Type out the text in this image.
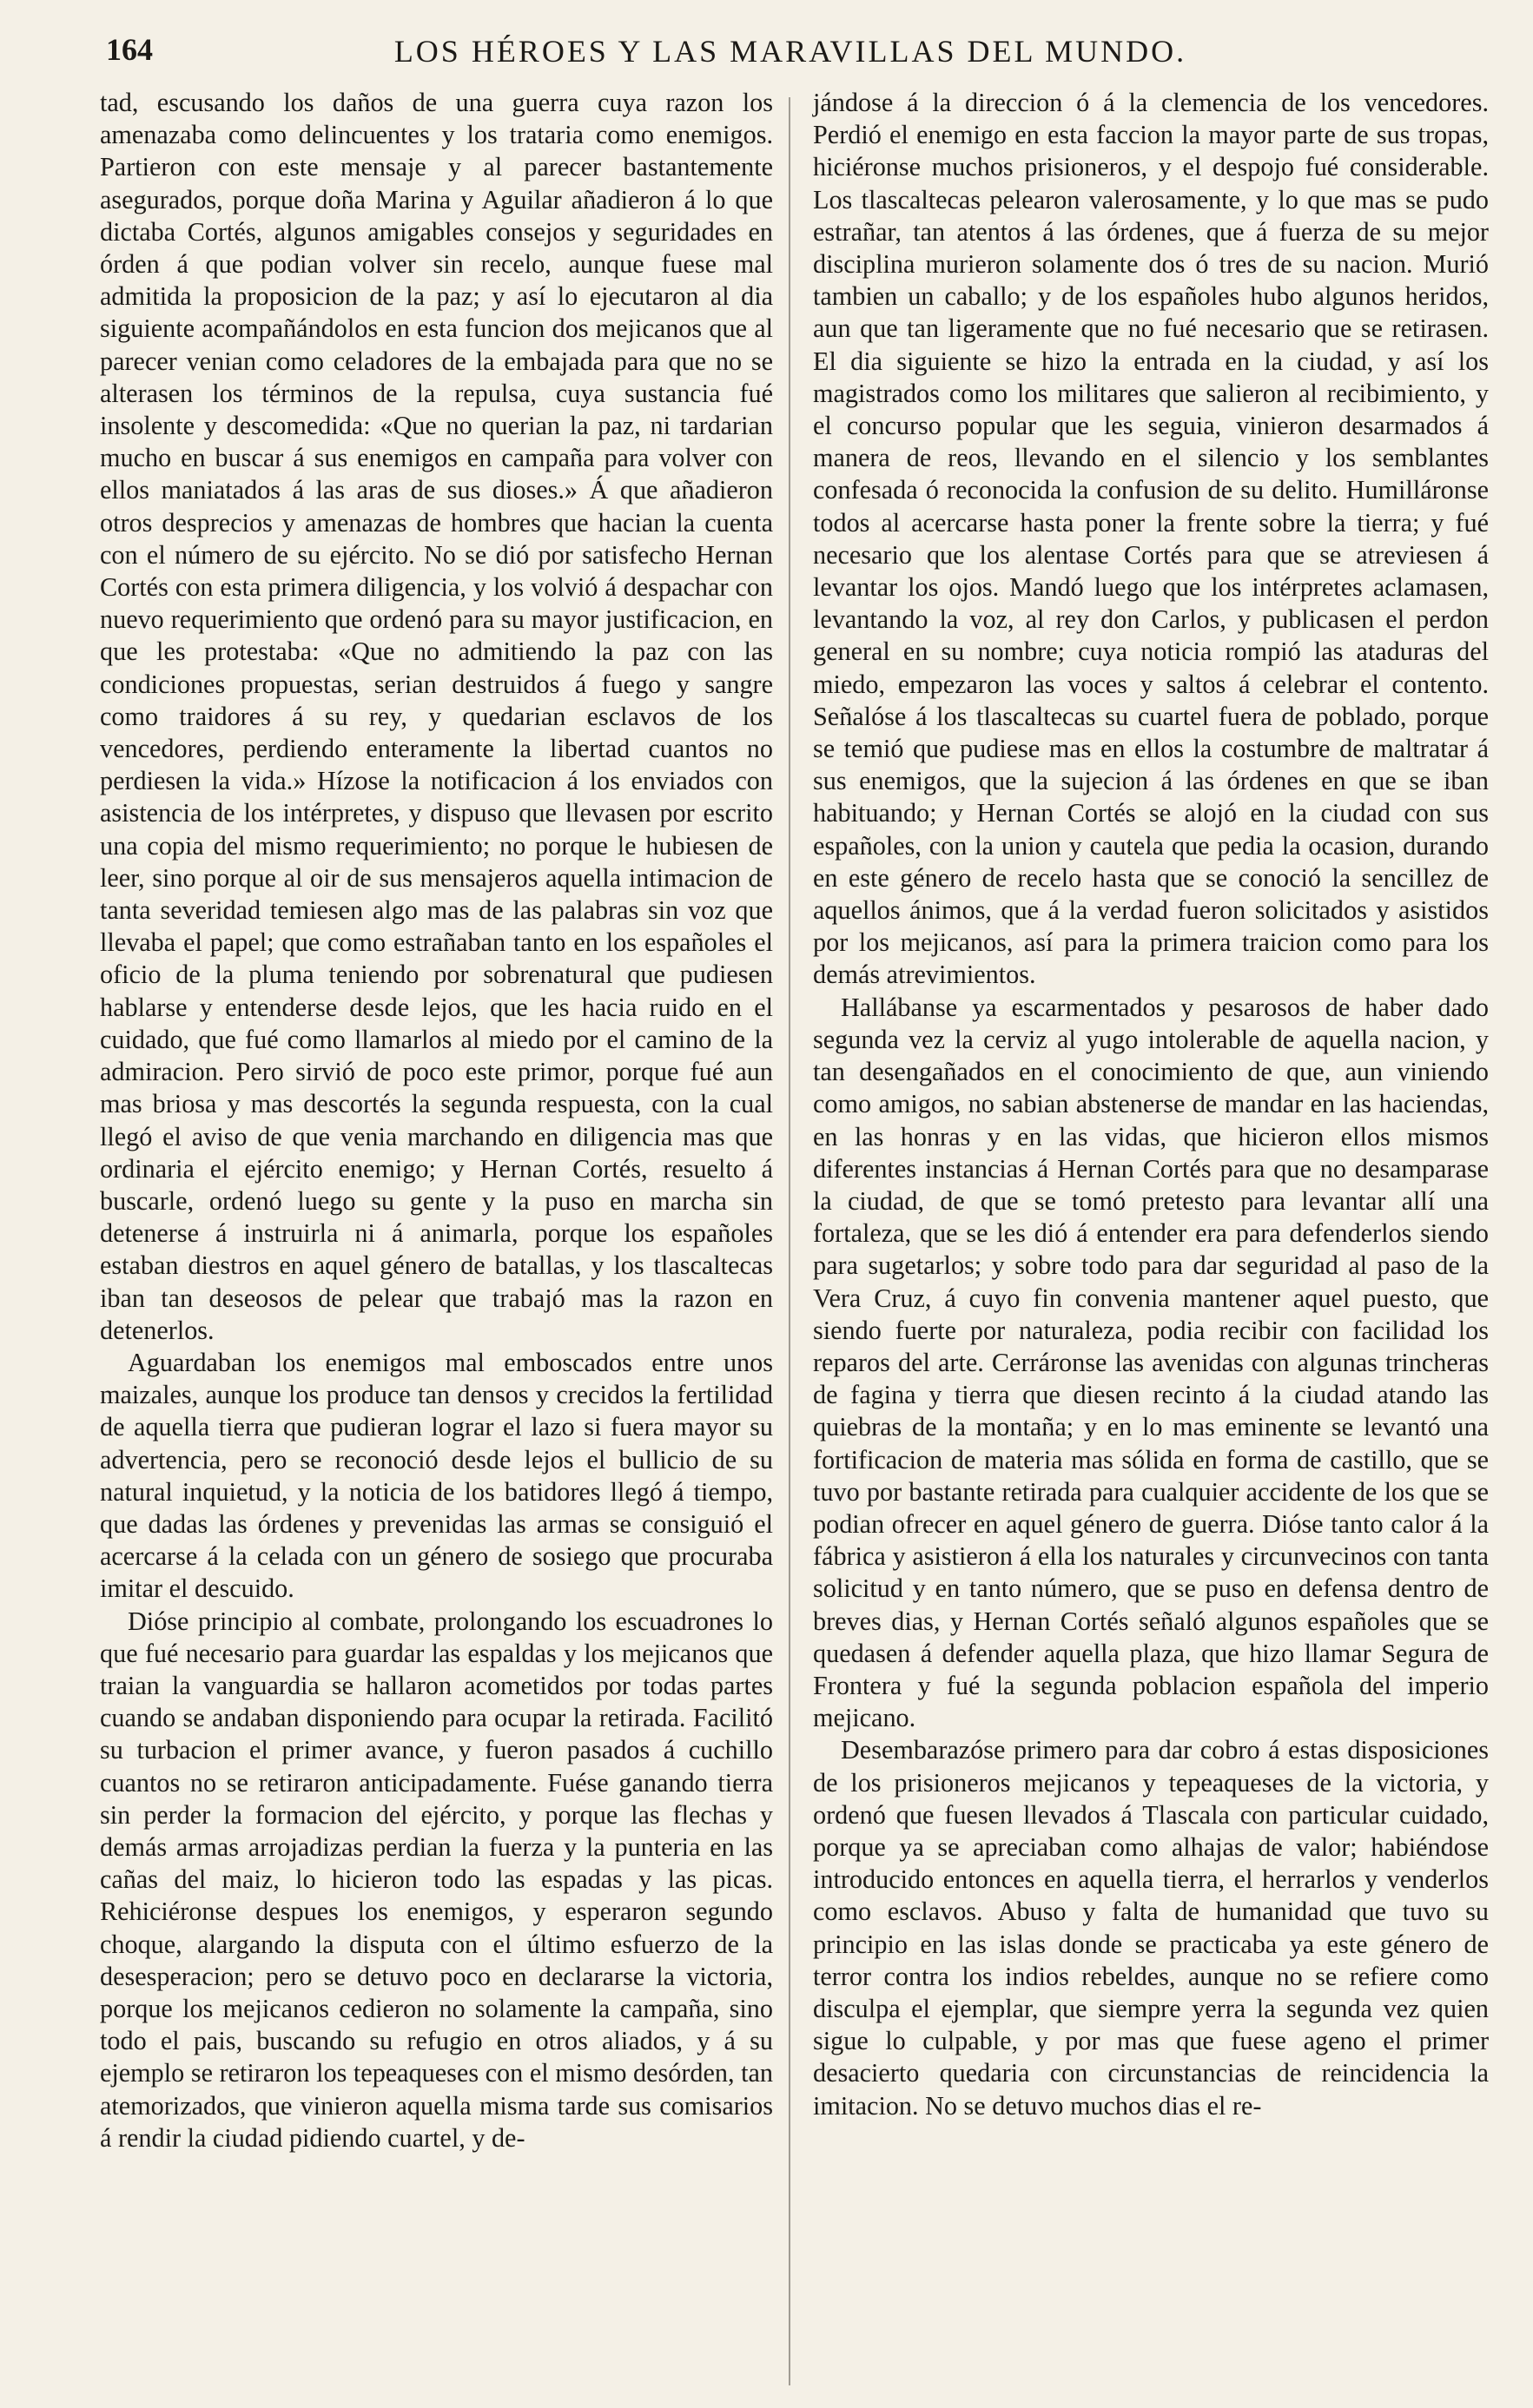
164	LOS HÉROES Y LAS MARAVILLAS DEL MUNDO.

tad, escusando los daños de una guerra cuya razon los amenazaba como delincuentes y los trataria como enemigos. Partieron con este mensaje y al parecer bastantemente asegurados, porque doña Marina y Aguilar añadieron á lo que dictaba Cortés, algunos amigables consejos y seguridades en órden á que podian volver sin recelo, aunque fuese mal admitida la proposicion de la paz; y así lo ejecutaron al dia siguiente acompañándolos en esta funcion dos mejicanos que al parecer venian como celadores de la embajada para que no se alterasen los términos de la repulsa, cuya sustancia fué insolente y descomedida: «Que no querian la paz, ni tardarian mucho en buscar á sus enemigos en campaña para volver con ellos maniatados á las aras de sus dioses.» Á que añadieron otros desprecios y amenazas de hombres que hacian la cuenta con el número de su ejército. No se dió por satisfecho Hernan Cortés con esta primera diligencia, y los volvió á despachar con nuevo requerimiento que ordenó para su mayor justificacion, en que les protestaba: «Que no admitiendo la paz con las condiciones propuestas, serian destruidos á fuego y sangre como traidores á su rey, y quedarian esclavos de los vencedores, perdiendo enteramente la libertad cuantos no perdiesen la vida.» Hízose la notificacion á los enviados con asistencia de los intérpretes, y dispuso que llevasen por escrito una copia del mismo requerimiento; no porque le hubiesen de leer, sino porque al oir de sus mensajeros aquella intimacion de tanta severidad temiesen algo mas de las palabras sin voz que llevaba el papel; que como estrañaban tanto en los españoles el oficio de la pluma teniendo por sobrenatural que pudiesen hablarse y entenderse desde lejos, que les hacia ruido en el cuidado, que fué como llamarlos al miedo por el camino de la admiracion. Pero sirvió de poco este primor, porque fué aun mas briosa y mas descortés la segunda respuesta, con la cual llegó el aviso de que venia marchando en diligencia mas que ordinaria el ejército enemigo; y Hernan Cortés, resuelto á buscarle, ordenó luego su gente y la puso en marcha sin detenerse á instruirla ni á animarla, porque los españoles estaban diestros en aquel género de batallas, y los tlascaltecas iban tan deseosos de pelear que trabajó mas la razon en detenerlos.

Aguardaban los enemigos mal emboscados entre unos maizales, aunque los produce tan densos y crecidos la fertilidad de aquella tierra que pudieran lograr el lazo si fuera mayor su advertencia, pero se reconoció desde lejos el bullicio de su natural inquietud, y la noticia de los batidores llegó á tiempo, que dadas las órdenes y prevenidas las armas se consiguió el acercarse á la celada con un género de sosiego que procuraba imitar el descuido.

Dióse principio al combate, prolongando los escuadrones lo que fué necesario para guardar las espaldas y los mejicanos que traian la vanguardia se hallaron acometidos por todas partes cuando se andaban disponiendo para ocupar la retirada. Facilitó su turbacion el primer avance, y fueron pasados á cuchillo cuantos no se retiraron anticipadamente. Fuése ganando tierra sin perder la formacion del ejército, y porque las flechas y demás armas arrojadizas perdian la fuerza y la punteria en las cañas del maiz, lo hicieron todo las espadas y las picas. Rehiciéronse despues los enemigos, y esperaron segundo choque, alargando la disputa con el último esfuerzo de la desesperacion; pero se detuvo poco en declararse la victoria, porque los mejicanos cedieron no solamente la campaña, sino todo el pais, buscando su refugio en otros aliados, y á su ejemplo se retiraron los tepeaqueses con el mismo desórden, tan atemorizados, que vinieron aquella misma tarde sus comisarios á rendir la ciudad pidiendo cuartel, y de-

jándose á la direccion ó á la clemencia de los vencedores. Perdió el enemigo en esta faccion la mayor parte de sus tropas, hiciéronse muchos prisioneros, y el despojo fué considerable. Los tlascaltecas pelearon valerosamente, y lo que mas se pudo estrañar, tan atentos á las órdenes, que á fuerza de su mejor disciplina murieron solamente dos ó tres de su nacion. Murió tambien un caballo; y de los españoles hubo algunos heridos, aun que tan ligeramente que no fué necesario que se retirasen. El dia siguiente se hizo la entrada en la ciudad, y así los magistrados como los militares que salieron al recibimiento, y el concurso popular que les seguia, vinieron desarmados á manera de reos, llevando en el silencio y los semblantes confesada ó reconocida la confusion de su delito. Humilláronse todos al acercarse hasta poner la frente sobre la tierra; y fué necesario que los alentase Cortés para que se atreviesen á levantar los ojos. Mandó luego que los intérpretes aclamasen, levantando la voz, al rey don Carlos, y publicasen el perdon general en su nombre; cuya noticia rompió las ataduras del miedo, empezaron las voces y saltos á celebrar el contento. Señalóse á los tlascaltecas su cuartel fuera de poblado, porque se temió que pudiese mas en ellos la costumbre de maltratar á sus enemigos, que la sujecion á las órdenes en que se iban habituando; y Hernan Cortés se alojó en la ciudad con sus españoles, con la union y cautela que pedia la ocasion, durando en este género de recelo hasta que se conoció la sencillez de aquellos ánimos, que á la verdad fueron solicitados y asistidos por los mejicanos, así para la primera traicion como para los demás atrevimientos.

Hallábanse ya escarmentados y pesarosos de haber dado segunda vez la cerviz al yugo intolerable de aquella nacion, y tan desengañados en el conocimiento de que, aun viniendo como amigos, no sabian abstenerse de mandar en las haciendas, en las honras y en las vidas, que hicieron ellos mismos diferentes instancias á Hernan Cortés para que no desamparase la ciudad, de que se tomó pretesto para levantar allí una fortaleza, que se les dió á entender era para defenderlos siendo para sugetarlos; y sobre todo para dar seguridad al paso de la Vera Cruz, á cuyo fin convenia mantener aquel puesto, que siendo fuerte por naturaleza, podia recibir con facilidad los reparos del arte. Cerráronse las avenidas con algunas trincheras de fagina y tierra que diesen recinto á la ciudad atando las quiebras de la montaña; y en lo mas eminente se levantó una fortificacion de materia mas sólida en forma de castillo, que se tuvo por bastante retirada para cualquier accidente de los que se podian ofrecer en aquel género de guerra. Dióse tanto calor á la fábrica y asistieron á ella los naturales y circunvecinos con tanta solicitud y en tanto número, que se puso en defensa dentro de breves dias, y Hernan Cortés señaló algunos españoles que se quedasen á defender aquella plaza, que hizo llamar Segura de Frontera y fué la segunda poblacion española del imperio mejicano.

Desembarazóse primero para dar cobro á estas disposiciones de los prisioneros mejicanos y tepeaqueses de la victoria, y ordenó que fuesen llevados á Tlascala con particular cuidado, porque ya se apreciaban como alhajas de valor; habiéndose introducido entonces en aquella tierra, el herrarlos y venderlos como esclavos. Abuso y falta de humanidad que tuvo su principio en las islas donde se practicaba ya este género de terror contra los indios rebeldes, aunque no se refiere como disculpa el ejemplar, que siempre yerra la segunda vez quien sigue lo culpable, y por mas que fuese ageno el primer desacierto quedaria con circunstancias de reincidencia la imitacion. No se detuvo muchos dias el re-
